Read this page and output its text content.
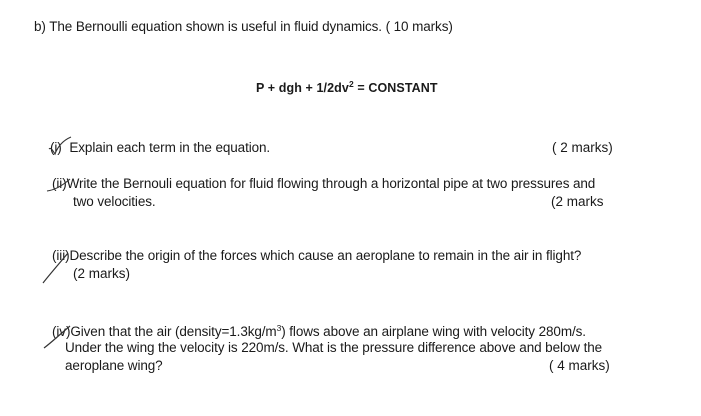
b) The Bernoulli equation shown is useful in fluid dynamics. ( 10 marks)
P + dgh + $1/2dv^2$ = CONSTANT
(i) Explain each term in the equation.	( 2 marks)
(ii)Write the Bernouli equation for fluid flowing through a horizontal pipe at two pressures and
two velocities.	(2 marks
(iii)Describe the origin of the forces which cause an aeroplane to remain in the air in flight?
(2 marks)
(iv)Given that the air $(density=1.3kg/m^3)$ flows above an airplane wing with velocity 280m/s.
Under the wing the velocity is 220m/s. What is the pressure difference above and below the
aeroplane wing?	( 4 marks)
